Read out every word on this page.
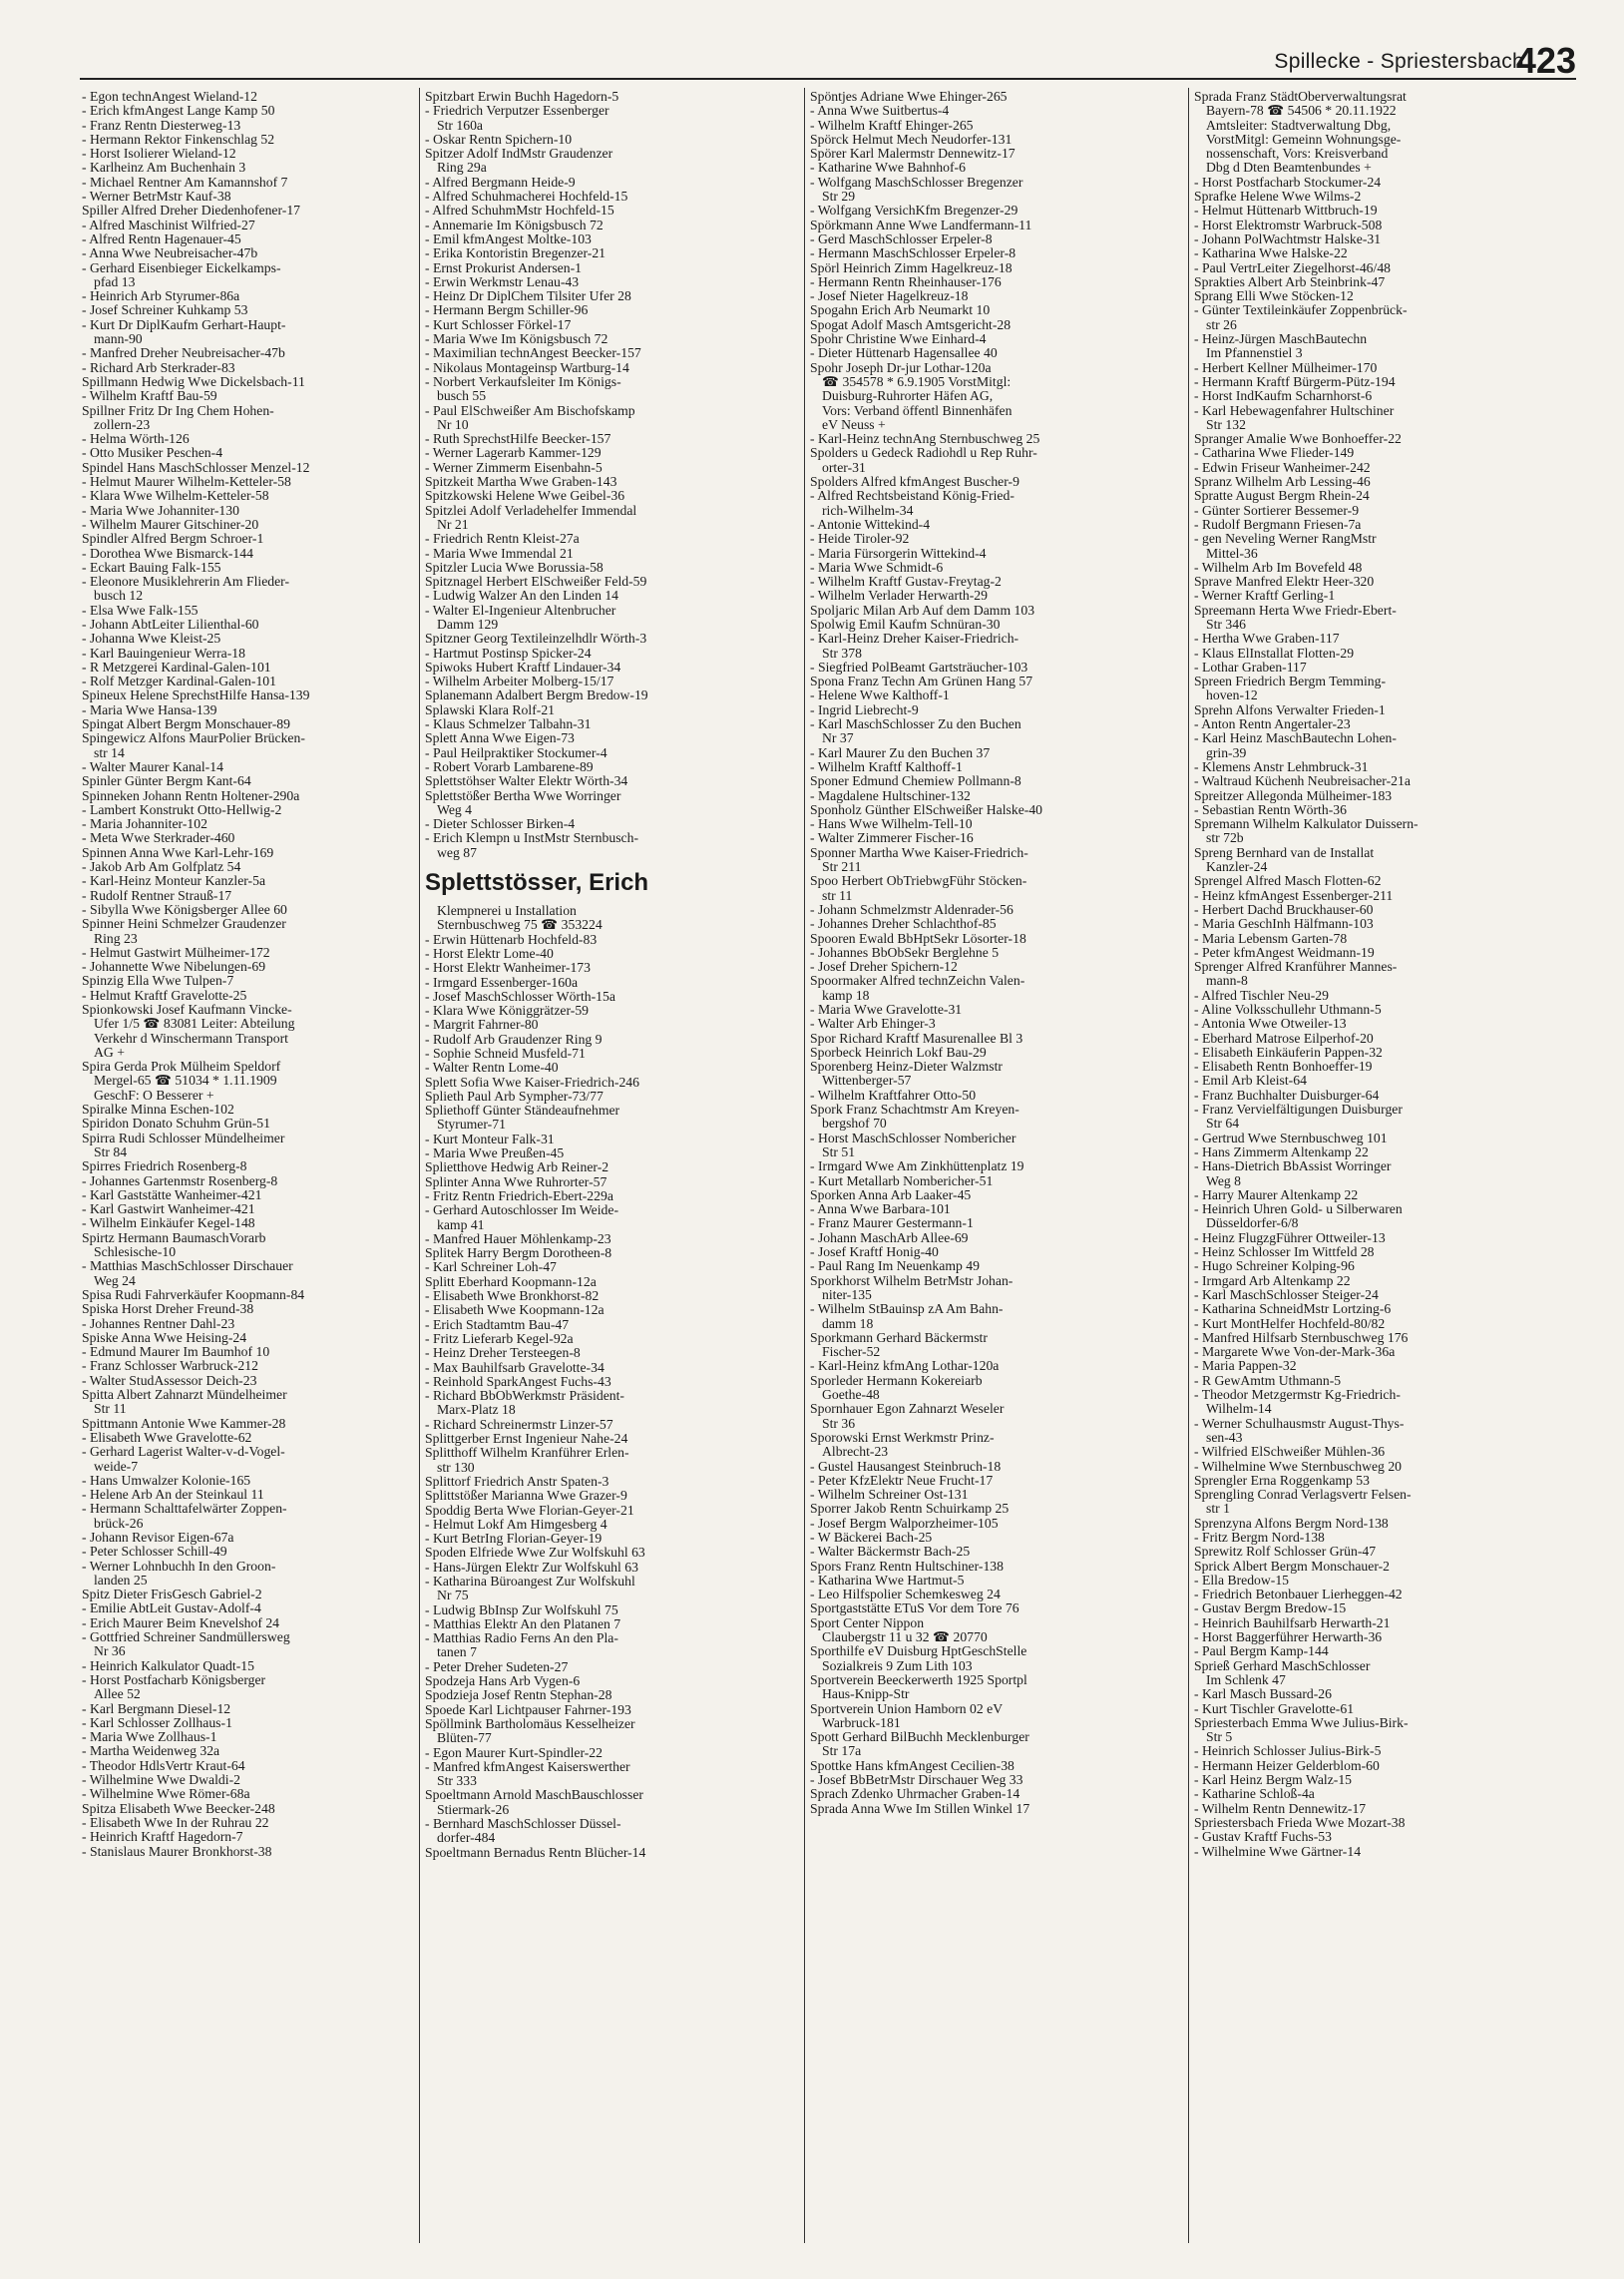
Spillecke - Spriestersbach
423
- Egon technAngest Wieland-12
- Erich kfmAngest Lange Kamp 50
- Franz Rentn Diesterweg-13
- Hermann Rektor Finkenschlag 52
- Horst Isolierer Wieland-12
- Karlheinz Am Buchenhain 3
- Michael Rentner Am Kamannshof 7
- Werner BetrMstr Kauf-38
Spiller Alfred Dreher Diedenhofener-17
- Alfred Maschinist Wilfried-27
- Alfred Rentn Hagenauer-45
- Anna Wwe Neubreisacher-47b
- Gerhard Eisenbieger Eickelkamps-
pfad 13
- Heinrich Arb Styrumer-86a
- Josef Schreiner Kuhkamp 53
- Kurt Dr DiplKaufm Gerhart-Haupt-
mann-90
- Manfred Dreher Neubreisacher-47b
- Richard Arb Sterkrader-83
Spillmann Hedwig Wwe Dickelsbach-11
- Wilhelm Kraftf Bau-59
Spillner Fritz Dr Ing Chem Hohen-
zollern-23
- Helma Wörth-126
- Otto Musiker Peschen-4
Spindel Hans MaschSchlosser Menzel-12
- Helmut Maurer Wilhelm-Ketteler-58
- Klara Wwe Wilhelm-Ketteler-58
- Maria Wwe Johanniter-130
- Wilhelm Maurer Gitschiner-20
Spindler Alfred Bergm Schroer-1
- Dorothea Wwe Bismarck-144
- Eckart Bauing Falk-155
- Eleonore Musiklehrerin Am Flieder-
busch 12
- Elsa Wwe Falk-155
- Johann AbtLeiter Lilienthal-60
- Johanna Wwe Kleist-25
- Karl Bauingenieur Werra-18
- R Metzgerei Kardinal-Galen-101
- Rolf Metzger Kardinal-Galen-101
Spineux Helene SprechstHilfe Hansa-139
- Maria Wwe Hansa-139
Spingat Albert Bergm Monschauer-89
Spingewicz Alfons MaurPolier Brücken-
str 14
- Walter Maurer Kanal-14
Spinler Günter Bergm Kant-64
Spinneken Johann Rentn Holtener-290a
- Lambert Konstrukt Otto-Hellwig-2
- Maria Johanniter-102
- Meta Wwe Sterkrader-460
Spinnen Anna Wwe Karl-Lehr-169
- Jakob Arb Am Golfplatz 54
- Karl-Heinz Monteur Kanzler-5a
- Rudolf Rentner Strauß-17
- Sibylla Wwe Königsberger Allee 60
Spinner Heini Schmelzer Graudenzer
Ring 23
- Helmut Gastwirt Mülheimer-172
- Johannette Wwe Nibelungen-69
Spinzig Ella Wwe Tulpen-7
- Helmut Kraftf Gravelotte-25
Spionkowski Josef Kaufmann Vincke-
Ufer 1/5 ☎ 83081 Leiter: Abteilung
Verkehr d Winschermann Transport
AG +
Spira Gerda Prok Mülheim Speldorf
Mergel-65 ☎ 51034 * 1.11.1909
GeschF: O Besserer +
Spiralke Minna Eschen-102
Spiridon Donato Schuhm Grün-51
Spirra Rudi Schlosser Mündelheimer
Str 84
Spirres Friedrich Rosenberg-8
- Johannes Gartenmstr Rosenberg-8
- Karl Gaststätte Wanheimer-421
- Karl Gastwirt Wanheimer-421
- Wilhelm Einkäufer Kegel-148
Spirtz Hermann BaumaschVorarb
Schlesische-10
- Matthias MaschSchlosser Dirschauer
Weg 24
Spisa Rudi Fahrverkäufer Koopmann-84
Spiska Horst Dreher Freund-38
- Johannes Rentner Dahl-23
Spiske Anna Wwe Heising-24
- Edmund Maurer Im Baumhof 10
- Franz Schlosser Warbruck-212
- Walter StudAssessor Deich-23
Spitta Albert Zahnarzt Mündelheimer
Str 11
Spittmann Antonie Wwe Kammer-28
- Elisabeth Wwe Gravelotte-62
- Gerhard Lagerist Walter-v-d-Vogel-
weide-7
- Hans Umwalzer Kolonie-165
- Helene Arb An der Steinkaul 11
- Hermann Schalttafelwärter Zoppen-
brück-26
- Johann Revisor Eigen-67a
- Peter Schlosser Schill-49
- Werner Lohnbuchh In den Groon-
landen 25
Spitz Dieter FrisGesch Gabriel-2
- Emilie AbtLeit Gustav-Adolf-4
- Erich Maurer Beim Knevelshof 24
- Gottfried Schreiner Sandmüllersweg
Nr 36
- Heinrich Kalkulator Quadt-15
- Horst Postfacharb Königsberger
Allee 52
- Karl Bergmann Diesel-12
- Karl Schlosser Zollhaus-1
- Maria Wwe Zollhaus-1
- Martha Weidenweg 32a
- Theodor HdlsVertr Kraut-64
- Wilhelmine Wwe Dwaldi-2
- Wilhelmine Wwe Römer-68a
Spitza Elisabeth Wwe Beecker-248
- Elisabeth Wwe In der Ruhrau 22
- Heinrich Kraftf Hagedorn-7
- Stanislaus Maurer Bronkhorst-38
Spitzbart Erwin Buchh Hagedorn-5
- Friedrich Verputzer Essenberger
Str 160a
- Oskar Rentn Spichern-10
Spitzer Adolf IndMstr Graudenzer
Ring 29a
- Alfred Bergmann Heide-9
- Alfred Schuhmacherei Hochfeld-15
- Alfred SchuhmMstr Hochfeld-15
- Annemarie Im Königsbusch 72
- Emil kfmAngest Moltke-103
- Erika Kontoristin Bregenzer-21
- Ernst Prokurist Andersen-1
- Erwin Werkmstr Lenau-43
- Heinz Dr DiplChem Tilsiter Ufer 28
- Hermann Bergm Schiller-96
- Kurt Schlosser Förkel-17
- Maria Wwe Im Königsbusch 72
- Maximilian technAngest Beecker-157
- Nikolaus Montageinsp Wartburg-14
- Norbert Verkaufsleiter Im Königs-
busch 55
- Paul ElSchweißer Am Bischofskamp
Nr 10
- Ruth SprechstHilfe Beecker-157
- Werner Lagerarb Kammer-129
- Werner Zimmerm Eisenbahn-5
Spitzkeit Martha Wwe Graben-143
Spitzkowski Helene Wwe Geibel-36
Spitzlei Adolf Verladehelfer Immendal
Nr 21
- Friedrich Rentn Kleist-27a
- Maria Wwe Immendal 21
Spitzler Lucia Wwe Borussia-58
Spitznagel Herbert ElSchweißer Feld-59
- Ludwig Walzer An den Linden 14
- Walter El-Ingenieur Altenbrucher
Damm 129
Spitzner Georg Textileinzelhdlr Wörth-3
- Hartmut Postinsp Spicker-24
Spiwoks Hubert Kraftf Lindauer-34
- Wilhelm Arbeiter Molberg-15/17
Splanemann Adalbert Bergm Bredow-19
Splawski Klara Rolf-21
- Klaus Schmelzer Talbahn-31
Splett Anna Wwe Eigen-73
- Paul Heilpraktiker Stockumer-4
- Robert Vorarb Lambarene-89
Splettstöhser Walter Elektr Wörth-34
Splettstößer Bertha Wwe Worringer
Weg 4
- Dieter Schlosser Birken-4
- Erich Klempn u InstMstr Sternbusch-
weg 87
Splettstösser, Erich
Klempnerei u Installation
Sternbuschweg 75 ☎ 353224
- Erwin Hüttenarb Hochfeld-83
- Horst Elektr Lome-40
- Horst Elektr Wanheimer-173
- Irmgard Essenberger-160a
- Josef MaschSchlosser Wörth-15a
- Klara Wwe Königgrätzer-59
- Margrit Fahrner-80
- Rudolf Arb Graudenzer Ring 9
- Sophie Schneid Musfeld-71
- Walter Rentn Lome-40
Splett Sofia Wwe Kaiser-Friedrich-246
Splieth Paul Arb Sympher-73/77
Spliethoff Günter Ständeaufnehmer
Styrumer-71
- Kurt Monteur Falk-31
- Maria Wwe Preußen-45
Splietthove Hedwig Arb Reiner-2
Splinter Anna Wwe Ruhrorter-57
- Fritz Rentn Friedrich-Ebert-229a
- Gerhard Autoschlosser Im Weide-
kamp 41
- Manfred Hauer Möhlenkamp-23
Splitek Harry Bergm Dorotheen-8
- Karl Schreiner Loh-47
Splitt Eberhard Koopmann-12a
- Elisabeth Wwe Bronkhorst-82
- Elisabeth Wwe Koopmann-12a
- Erich Stadtamtm Bau-47
- Fritz Lieferarb Kegel-92a
- Heinz Dreher Tersteegen-8
- Max Bauhilfsarb Gravelotte-34
- Reinhold SparkAngest Fuchs-43
- Richard BbObWerkmstr Präsident-
Marx-Platz 18
- Richard Schreinermstr Linzer-57
Splittgerber Ernst Ingenieur Nahe-24
Splitthoff Wilhelm Kranführer Erlen-
str 130
Splittorf Friedrich Anstr Spaten-3
Splittstößer Marianna Wwe Grazer-9
Spoddig Berta Wwe Florian-Geyer-21
- Helmut Lokf Am Himgesberg 4
- Kurt BetrIng Florian-Geyer-19
Spoden Elfriede Wwe Zur Wolfskuhl 63
- Hans-Jürgen Elektr Zur Wolfskuhl 63
- Katharina Büroangest Zur Wolfskuhl
Nr 75
- Ludwig BbInsp Zur Wolfskuhl 75
- Matthias Elektr An den Platanen 7
- Matthias Radio Ferns An den Pla-
tanen 7
- Peter Dreher Sudeten-27
Spodzeja Hans Arb Vygen-6
Spodzieja Josef Rentn Stephan-28
Spoede Karl Lichtpauser Fahrner-193
Spöllmink Bartholomäus Kesselheizer
Blüten-77
- Egon Maurer Kurt-Spindler-22
- Manfred kfmAngest Kaiserswerther
Str 333
Spoeltmann Arnold MaschBauschlosser
Stiermark-26
- Bernhard MaschSchlosser Düssel-
dorfer-484
Spoeltmann Bernadus Rentn Blücher-14
Spöntjes Adriane Wwe Ehinger-265
- Anna Wwe Suitbertus-4
- Wilhelm Kraftf Ehinger-265
Spörck Helmut Mech Neudorfer-131
Spörer Karl Malermstr Dennewitz-17
- Katharine Wwe Bahnhof-6
- Wolfgang MaschSchlosser Bregenzer
Str 29
- Wolfgang VersichKfm Bregenzer-29
Spörkmann Anne Wwe Landfermann-11
- Gerd MaschSchlosser Erpeler-8
- Hermann MaschSchlosser Erpeler-8
Spörl Heinrich Zimm Hagelkreuz-18
- Hermann Rentn Rheinhauser-176
- Josef Nieter Hagelkreuz-18
Spogahn Erich Arb Neumarkt 10
Spogat Adolf Masch Amtsgericht-28
Spohr Christine Wwe Einhard-4
- Dieter Hüttenarb Hagensallee 40
Spohr Joseph Dr-jur Lothar-120a
☎ 354578 * 6.9.1905 VorstMitgl:
Duisburg-Ruhrorter Häfen AG,
Vors: Verband öffentl Binnenhäfen
eV Neuss +
- Karl-Heinz technAng Sternbuschweg 25
Spolders u Gedeck Radiohdl u Rep Ruhr-
orter-31
Spolders Alfred kfmAngest Buscher-9
- Alfred Rechtsbeistand König-Fried-
rich-Wilhelm-34
- Antonie Wittekind-4
- Heide Tiroler-92
- Maria Fürsorgerin Wittekind-4
- Maria Wwe Schmidt-6
- Wilhelm Kraftf Gustav-Freytag-2
- Wilhelm Verlader Herwarth-29
Spoljaric Milan Arb Auf dem Damm 103
Spolwig Emil Kaufm Schnüran-30
- Karl-Heinz Dreher Kaiser-Friedrich-
Str 378
- Siegfried PolBeamt Gartsträucher-103
Spona Franz Techn Am Grünen Hang 57
- Helene Wwe Kalthoff-1
- Ingrid Liebrecht-9
- Karl MaschSchlosser Zu den Buchen
Nr 37
- Karl Maurer Zu den Buchen 37
- Wilhelm Kraftf Kalthoff-1
Sponer Edmund Chemiew Pollmann-8
- Magdalene Hultschiner-132
Sponholz Günther ElSchweißer Halske-40
- Hans Wwe Wilhelm-Tell-10
- Walter Zimmerer Fischer-16
Sponner Martha Wwe Kaiser-Friedrich-
Str 211
Spoo Herbert ObTriebwgFühr Stöcken-
str 11
- Johann Schmelzmstr Aldenrader-56
- Johannes Dreher Schlachthof-85
Spooren Ewald BbHptSekr Lösorter-18
- Johannes BbObSekr Berglehne 5
- Josef Dreher Spichern-12
Spoormaker Alfred technZeichn Valen-
kamp 18
- Maria Wwe Gravelotte-31
- Walter Arb Ehinger-3
Spor Richard Kraftf Masurenallee Bl 3
Sporbeck Heinrich Lokf Bau-29
Sporenberg Heinz-Dieter Walzmstr
Wittenberger-57
- Wilhelm Kraftfahrer Otto-50
Spork Franz Schachtmstr Am Kreyen-
bergshof 70
- Horst MaschSchlosser Nombericher
Str 51
- Irmgard Wwe Am Zinkhüttenplatz 19
- Kurt Metallarb Nombericher-51
Sporken Anna Arb Laaker-45
- Anna Wwe Barbara-101
- Franz Maurer Gestermann-1
- Johann MaschArb Allee-69
- Josef Kraftf Honig-40
- Paul Rang Im Neuenkamp 49
Sporkhorst Wilhelm BetrMstr Johan-
niter-135
- Wilhelm StBauinsp zA Am Bahn-
damm 18
Sporkmann Gerhard Bäckermstr
Fischer-52
- Karl-Heinz kfmAng Lothar-120a
Sporleder Hermann Kokereiarb
Goethe-48
Spornhauer Egon Zahnarzt Weseler
Str 36
Sporowski Ernst Werkmstr Prinz-
Albrecht-23
- Gustel Hausangest Steinbruch-18
- Peter KfzElektr Neue Frucht-17
- Wilhelm Schreiner Ost-131
Sporrer Jakob Rentn Schuirkamp 25
- Josef Bergm Walporzheimer-105
- W Bäckerei Bach-25
- Walter Bäckermstr Bach-25
Spors Franz Rentn Hultschiner-138
- Katharina Wwe Hartmut-5
- Leo Hilfspolier Schemkesweg 24
Sportgaststätte ETuS Vor dem Tore 76
Sport Center Nippon
Claubergstr 11 u 32 ☎ 20770
Sporthilfe eV Duisburg HptGeschStelle
Sozialkreis 9 Zum Lith 103
Sportverein Beeckerwerth 1925 Sportpl
Haus-Knipp-Str
Sportverein Union Hamborn 02 eV
Warbruck-181
Spott Gerhard BilBuchh Mecklenburger
Str 17a
Spottke Hans kfmAngest Cecilien-38
- Josef BbBetrMstr Dirschauer Weg 33
Sprach Zdenko Uhrmacher Graben-14
Sprada Anna Wwe Im Stillen Winkel 17
Sprada Franz StädtOberverwaltungsrat
Bayern-78 ☎ 54506 * 20.11.1922
Amtsleiter: Stadtverwaltung Dbg,
VorstMitgl: Gemeinn Wohnungsge-
nossenschaft, Vors: Kreisverband
Dbg d Dten Beamtenbundes +
- Horst Postfacharb Stockumer-24
Sprafke Helene Wwe Wilms-2
- Helmut Hüttenarb Wittbruch-19
- Horst Elektromstr Warbruck-508
- Johann PolWachtmstr Halske-31
- Katharina Wwe Halske-22
- Paul VertrLeiter Ziegelhorst-46/48
Sprakties Albert Arb Steinbrink-47
Sprang Elli Wwe Stöcken-12
- Günter Textileinkäufer Zoppenbrück-
str 26
- Heinz-Jürgen MaschBautechn
Im Pfannenstiel 3
- Herbert Kellner Mülheimer-170
- Hermann Kraftf Bürgerm-Pütz-194
- Horst IndKaufm Scharnhorst-6
- Karl Hebewagenfahrer Hultschiner
Str 132
Spranger Amalie Wwe Bonhoeffer-22
- Catharina Wwe Flieder-149
- Edwin Friseur Wanheimer-242
Spranz Wilhelm Arb Lessing-46
Spratte August Bergm Rhein-24
- Günter Sortierer Bessemer-9
- Rudolf Bergmann Friesen-7a
- gen Neveling Werner RangMstr
Mittel-36
- Wilhelm Arb Im Bovefeld 48
Sprave Manfred Elektr Heer-320
- Werner Kraftf Gerling-1
Spreemann Herta Wwe Friedr-Ebert-
Str 346
- Hertha Wwe Graben-117
- Klaus ElInstallat Flotten-29
- Lothar Graben-117
Spreen Friedrich Bergm Temming-
hoven-12
Sprehn Alfons Verwalter Frieden-1
- Anton Rentn Angertaler-23
- Karl Heinz MaschBautechn Lohen-
grin-39
- Klemens Anstr Lehmbruck-31
- Waltraud Küchenh Neubreisacher-21a
Spreitzer Allegonda Mülheimer-183
- Sebastian Rentn Wörth-36
Spremann Wilhelm Kalkulator Duissern-
str 72b
Spreng Bernhard van de Installat
Kanzler-24
Sprengel Alfred Masch Flotten-62
- Heinz kfmAngest Essenberger-211
- Herbert Dachd Bruckhauser-60
- Maria GeschInh Hälfmann-103
- Maria Lebensm Garten-78
- Peter kfmAngest Weidmann-19
Sprenger Alfred Kranführer Mannes-
mann-8
- Alfred Tischler Neu-29
- Aline Volksschullehr Uthmann-5
- Antonia Wwe Otweiler-13
- Eberhard Matrose Eilperhof-20
- Elisabeth Einkäuferin Pappen-32
- Elisabeth Rentn Bonhoeffer-19
- Emil Arb Kleist-64
- Franz Buchhalter Duisburger-64
- Franz Vervielfältigungen Duisburger
Str 64
- Gertrud Wwe Sternbuschweg 101
- Hans Zimmerm Altenkamp 22
- Hans-Dietrich BbAssist Worringer
Weg 8
- Harry Maurer Altenkamp 22
- Heinrich Uhren Gold- u Silberwaren
Düsseldorfer-6/8
- Heinz FlugzgFührer Ottweiler-13
- Heinz Schlosser Im Wittfeld 28
- Hugo Schreiner Kolping-96
- Irmgard Arb Altenkamp 22
- Karl MaschSchlosser Steiger-24
- Katharina SchneidMstr Lortzing-6
- Kurt MontHelfer Hochfeld-80/82
- Manfred Hilfsarb Sternbuschweg 176
- Margarete Wwe Von-der-Mark-36a
- Maria Pappen-32
- R GewAmtm Uthmann-5
- Theodor Metzgermstr Kg-Friedrich-
Wilhelm-14
- Werner Schulhausmstr August-Thys-
sen-43
- Wilfried ElSchweißer Mühlen-36
- Wilhelmine Wwe Sternbuschweg 20
Sprengler Erna Roggenkamp 53
Sprengling Conrad Verlagsvertr Felsen-
str 1
Sprenzyna Alfons Bergm Nord-138
- Fritz Bergm Nord-138
Sprewitz Rolf Schlosser Grün-47
Sprick Albert Bergm Monschauer-2
- Ella Bredow-15
- Friedrich Betonbauer Lierheggen-42
- Gustav Bergm Bredow-15
- Heinrich Bauhilfsarb Herwarth-21
- Horst Baggerführer Herwarth-36
- Paul Bergm Kamp-144
Sprieß Gerhard MaschSchlosser
Im Schlenk 47
- Karl Masch Bussard-26
- Kurt Tischler Gravelotte-61
Spriesterbach Emma Wwe Julius-Birk-
Str 5
- Heinrich Schlosser Julius-Birk-5
- Hermann Heizer Gelderblom-60
- Karl Heinz Bergm Walz-15
- Katharine Schloß-4a
- Wilhelm Rentn Dennewitz-17
Spriestersbach Frieda Wwe Mozart-38
- Gustav Kraftf Fuchs-53
- Wilhelmine Wwe Gärtner-14
